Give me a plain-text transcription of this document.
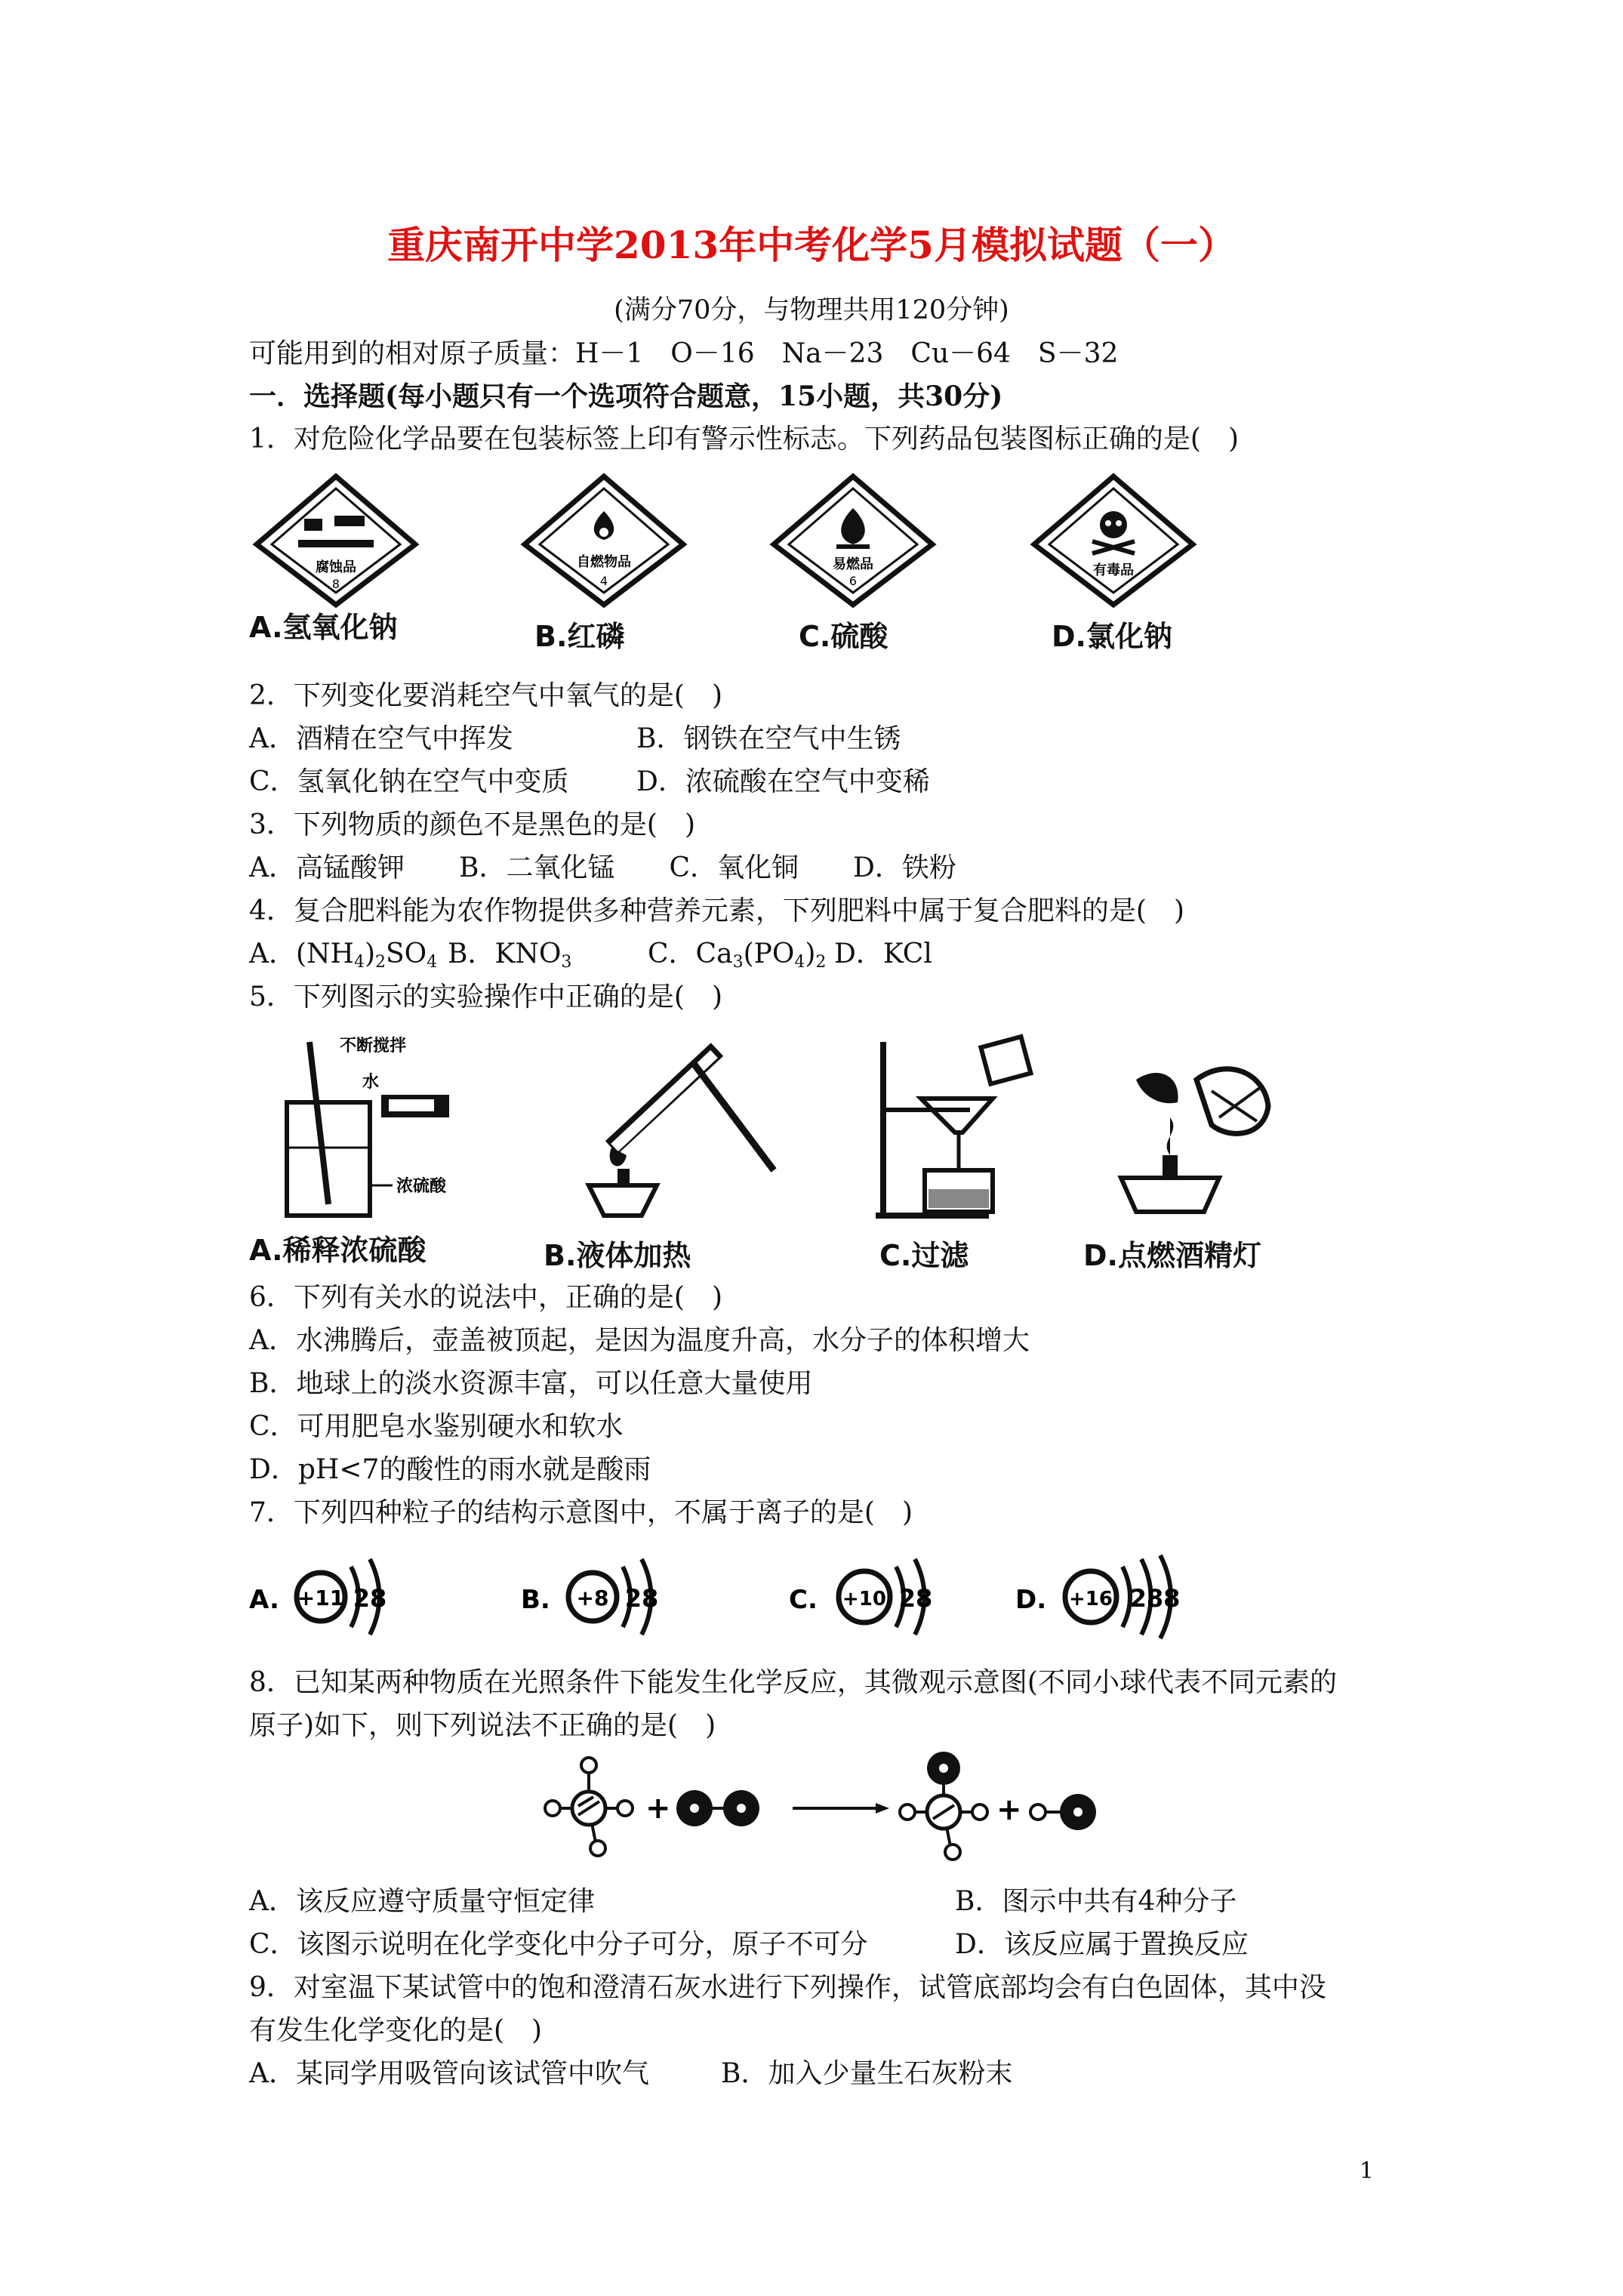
重庆南开中学2013年中考化学5月模拟试题（一）
(满分70分，与物理共用120分钟)
可能用到的相对原子质量：H－1　O－16　Na－23　Cu－64　S－32
一．选择题(每小题只有一个选项符合题意，15小题，共30分)
1．对危险化学品要在包装标签上印有警示性标志。下列药品包装图标正确的是(　)
腐蚀品
8
自燃物品
4
易燃品
6
有毒品
A.氢氧化钠	B.红磷	C.硫酸	D.氯化钠
2．下列变化要消耗空气中氧气的是(　)
A．酒精在空气中挥发	B．钢铁在空气中生锈
C．氢氧化钠在空气中变质 D．浓硫酸在空气中变稀
3．下列物质的颜色不是黑色的是(　)
A．高锰酸钾　　B．二氧化锰　　C．氧化铜　　D．铁粉
4．复合肥料能为农作物提供多种营养元素，下列肥料中属于复合肥料的是(　)
A．$(NH_4)_2SO_4$ B．$KNO_3$	C．$Ca_3(PO_4)_2$ D．KCl
5．下列图示的实验操作中正确的是(　)
不断搅拌
水
浓硫酸
A.稀释浓硫酸	B.液体加热	C.过滤	D.点燃酒精灯
6．下列有关水的说法中，正确的是(　)
A．水沸腾后，壶盖被顶起，是因为温度升高，水分子的体积增大
B．地球上的淡水资源丰富，可以任意大量使用
C．可用肥皂水鉴别硬水和软水
D．pH<7的酸性的雨水就是酸雨
7．下列四种粒子的结构示意图中，不属于离子的是(　)
A. +11 28	B. +8 28	C. +10 28	D. +16 288
8．已知某两种物质在光照条件下能发生化学反应，其微观示意图(不同小球代表不同元素的
原子)如下，则下列说法不正确的是(　)
+	+
A．该反应遵守质量守恒定律	B．图示中共有4种分子
C．该图示说明在化学变化中分子可分，原子不可分	D．该反应属于置换反应
9．对室温下某试管中的饱和澄清石灰水进行下列操作，试管底部均会有白色固体，其中没
有发生化学变化的是(　)
A．某同学用吸管向该试管中吹气	B．加入少量生石灰粉末
1
